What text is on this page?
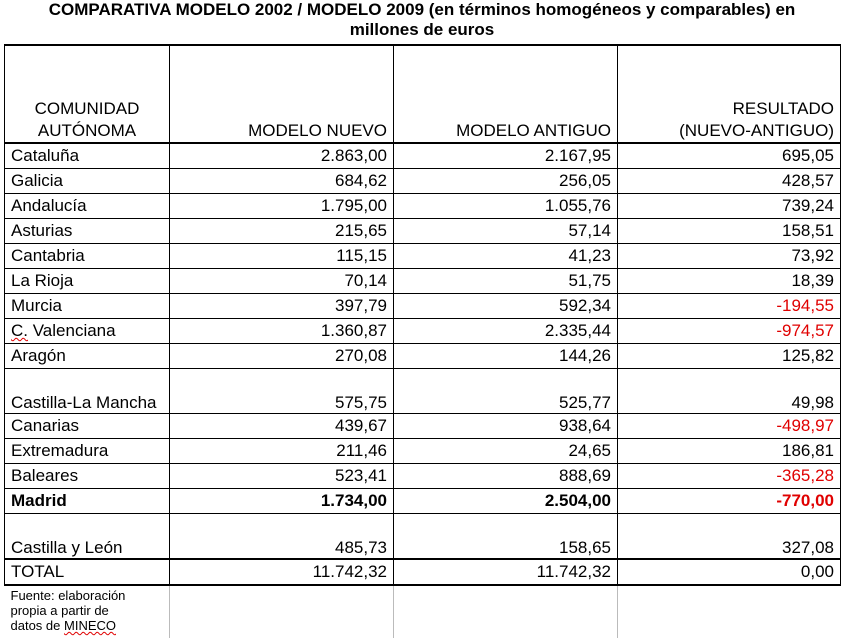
COMPARATIVA MODELO 2002 / MODELO 2009 (en términos homogéneos y comparables) en
millones de euros
COMUNIDAD
AUTÓNOMA	MODELO NUEVO	MODELO ANTIGUO	RESULTADO
(NUEVO-ANTIGUO)
Cataluña	2.863,00	2.167,95	695,05
Galicia	684,62	256,05	428,57
Andalucía	1.795,00	1.055,76	739,24
Asturias	215,65	57,14	158,51
Cantabria	115,15	41,23	73,92
La Rioja	70,14	51,75	18,39
Murcia	397,79	592,34	-194,55
C. Valenciana	1.360,87	2.335,44	-974,57
Aragón	270,08	144,26	125,82
Castilla-La Mancha	575,75	525,77	49,98
Canarias	439,67	938,64	-498,97
Extremadura	211,46	24,65	186,81
Baleares	523,41	888,69	-365,28
Madrid	1.734,00	2.504,00	-770,00
Castilla y León	485,73	158,65	327,08
TOTAL	11.742,32	11.742,32	0,00
Fuente: elaboración
propia a partir de
datos de MINECO			
